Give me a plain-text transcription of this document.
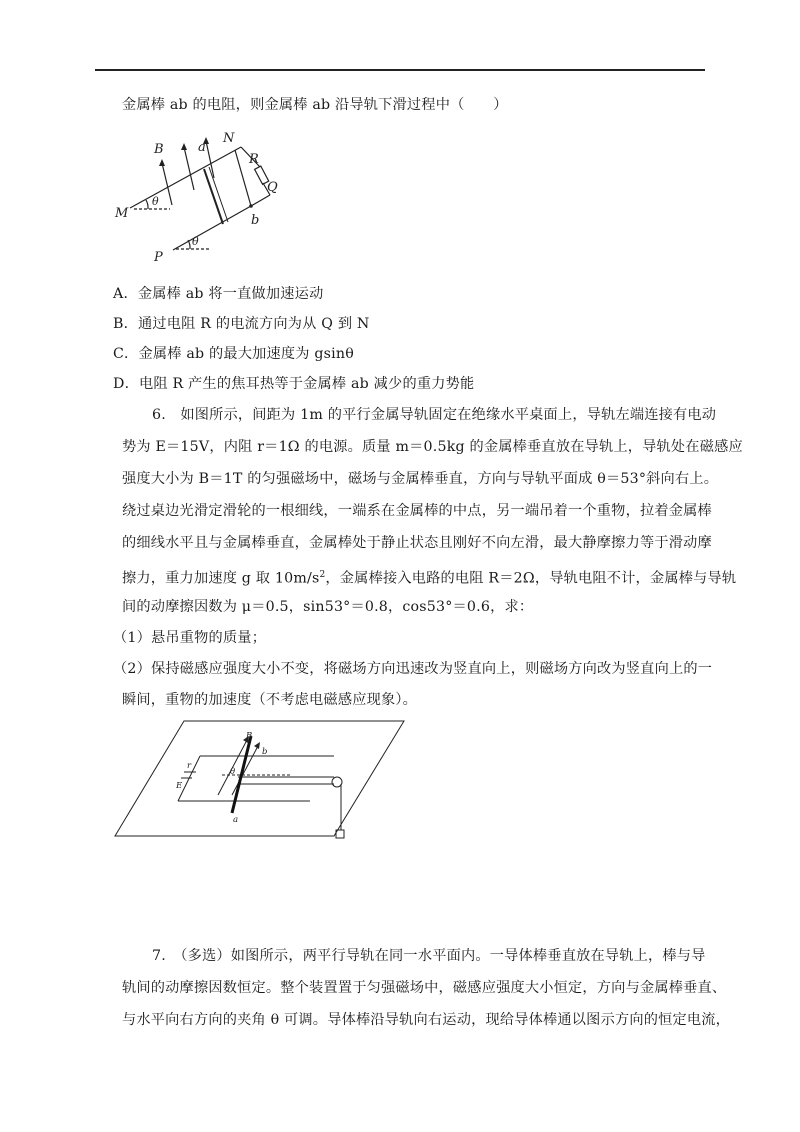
金属棒 ab 的电阻，则金属棒 ab 沿导轨下滑过程中（　　）
B	a
N
R
Q
M
θ
b
P
θ
A．金属棒 ab 将一直做加速运动
B．通过电阻 R 的电流方向为从 Q 到 N
C．金属棒 ab 的最大加速度为 gsinθ
D．电阻 R 产生的焦耳热等于金属棒 ab 减少的重力势能
6.　如图所示，间距为 1m 的平行金属导轨固定在绝缘水平桌面上，导轨左端连接有电动
势为 E＝15V，内阻 r＝1Ω 的电源。质量 m＝0.5kg 的金属棒垂直放在导轨上，导轨处在磁感应
强度大小为 B＝1T 的匀强磁场中，磁场与金属棒垂直，方向与导轨平面成 θ＝53°斜向右上。
绕过桌边光滑定滑轮的一根细线，一端系在金属棒的中点，另一端吊着一个重物，拉着金属棒
的细线水平且与金属棒垂直，金属棒处于静止状态且刚好不向左滑，最大静摩擦力等于滑动摩
擦力，重力加速度 g 取 $10m/s^2$，金属棒接入电路的电阻 R＝2Ω，导轨电阻不计，金属棒与导轨
间的动摩擦因数为 μ＝0.5，sin53°＝0.8，cos53°＝0.6，求：
（1）悬吊重物的质量；
（2）保持磁感应强度大小不变，将磁场方向迅速改为竖直向上，则磁场方向改为竖直向上的一
瞬间，重物的加速度（不考虑电磁感应现象）。
B
b
r
θ
E
a
7.　（多选）如图所示，两平行导轨在同一水平面内。一导体棒垂直放在导轨上，棒与导
轨间的动摩擦因数恒定。整个装置置于匀强磁场中，磁感应强度大小恒定，方向与金属棒垂直、
与水平向右方向的夹角 θ 可调。导体棒沿导轨向右运动，现给导体棒通以图示方向的恒定电流，
